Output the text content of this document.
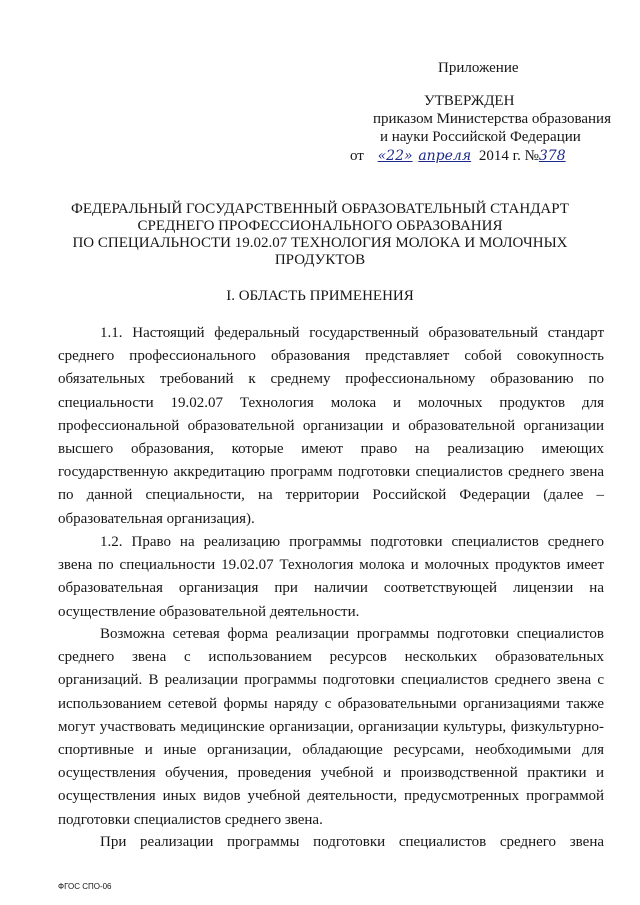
Приложение
УТВЕРЖДЕН
приказом Министерства образования
и науки Российской Федерации
от «22» апреля 2014 г. №378
ФЕДЕРАЛЬНЫЙ ГОСУДАРСТВЕННЫЙ ОБРАЗОВАТЕЛЬНЫЙ СТАНДАРТ
СРЕДНЕГО ПРОФЕССИОНАЛЬНОГО ОБРАЗОВАНИЯ
ПО СПЕЦИАЛЬНОСТИ 19.02.07 ТЕХНОЛОГИЯ МОЛОКА И МОЛОЧНЫХ
ПРОДУКТОВ
I. ОБЛАСТЬ ПРИМЕНЕНИЯ
1.1. Настоящий федеральный государственный образовательный стандарт среднего профессионального образования представляет собой совокупность обязательных требований к среднему профессиональному образованию по специальности 19.02.07 Технология молока и молочных продуктов для профессиональной образовательной организации и образовательной организации высшего образования, которые имеют право на реализацию имеющих государственную аккредитацию программ подготовки специалистов среднего звена по данной специальности, на территории Российской Федерации (далее – образовательная организация).
1.2. Право на реализацию программы подготовки специалистов среднего звена по специальности 19.02.07 Технология молока и молочных продуктов имеет образовательная организация при наличии соответствующей лицензии на осуществление образовательной деятельности.
Возможна сетевая форма реализации программы подготовки специалистов среднего звена с использованием ресурсов нескольких образовательных организаций. В реализации программы подготовки специалистов среднего звена с использованием сетевой формы наряду с образовательными организациями также могут участвовать медицинские организации, организации культуры, физкультурно-спортивные и иные организации, обладающие ресурсами, необходимыми для осуществления обучения, проведения учебной и производственной практики и осуществления иных видов учебной деятельности, предусмотренных программой подготовки специалистов среднего звена.
При реализации программы подготовки специалистов среднего звена
ФГОС СПО-06
